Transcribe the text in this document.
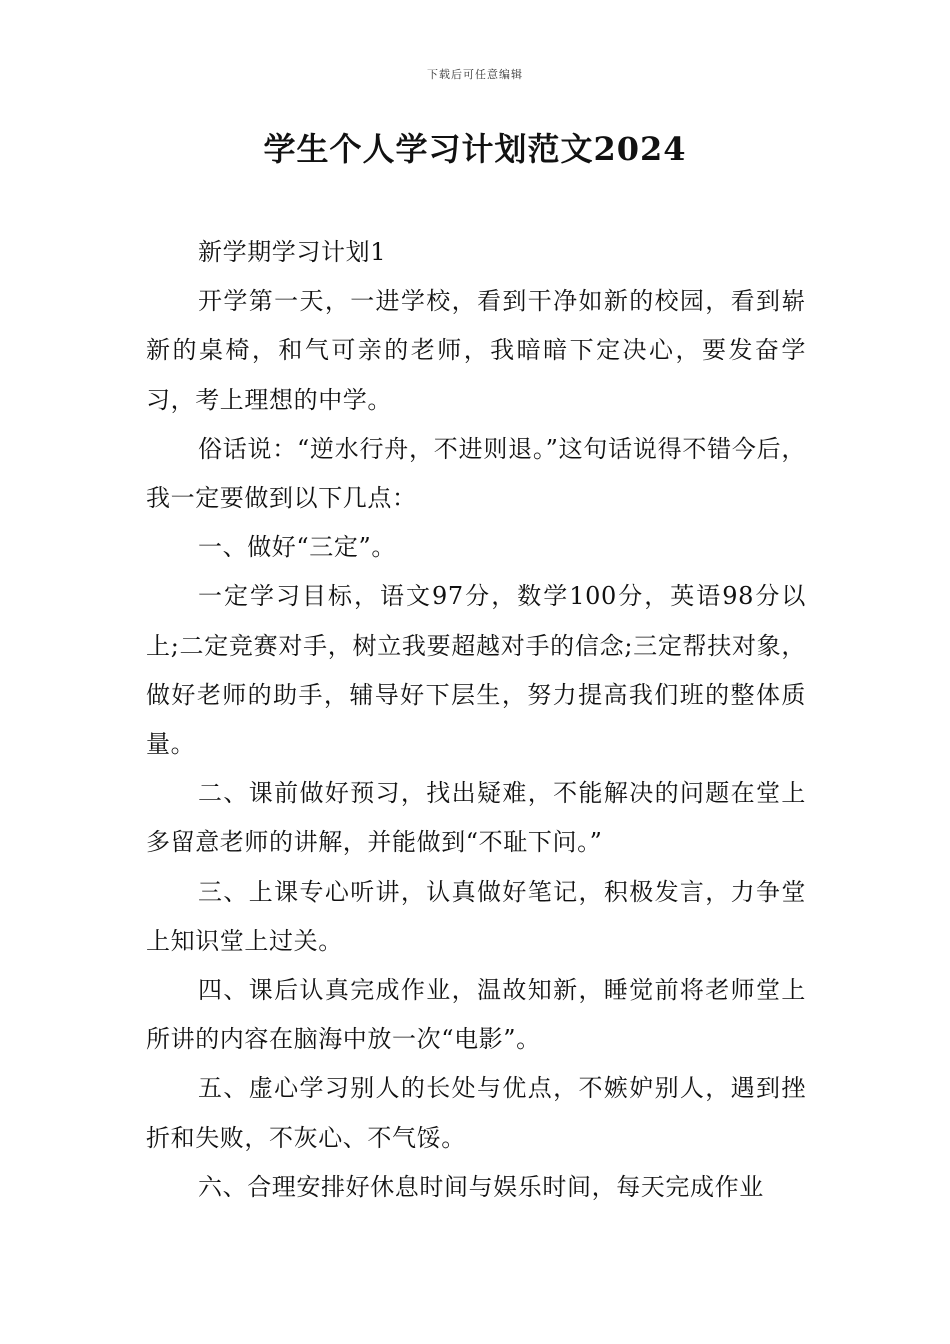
下载后可任意编辑
学生个人学习计划范文2024

新学期学习计划1

开学第一天，一进学校，看到干净如新的校园，看到崭新的桌椅，和气可亲的老师，我暗暗下定决心，要发奋学习，考上理想的中学。

俗话说：“逆水行舟，不进则退。”这句话说得不错今后，我一定要做到以下几点：

一、做好“三定”。

一定学习目标，语文97分，数学100分，英语98分以上;二定竞赛对手，树立我要超越对手的信念;三定帮扶对象，做好老师的助手，辅导好下层生，努力提高我们班的整体质量。

二、课前做好预习，找出疑难，不能解决的问题在堂上多留意老师的讲解，并能做到“不耻下问。”

三、上课专心听讲，认真做好笔记，积极发言，力争堂上知识堂上过关。

四、课后认真完成作业，温故知新，睡觉前将老师堂上所讲的内容在脑海中放一次“电影”。

五、虚心学习别人的长处与优点，不嫉妒别人，遇到挫折和失败，不灰心、不气馁。

六、合理安排好休息时间与娱乐时间，每天完成作业
